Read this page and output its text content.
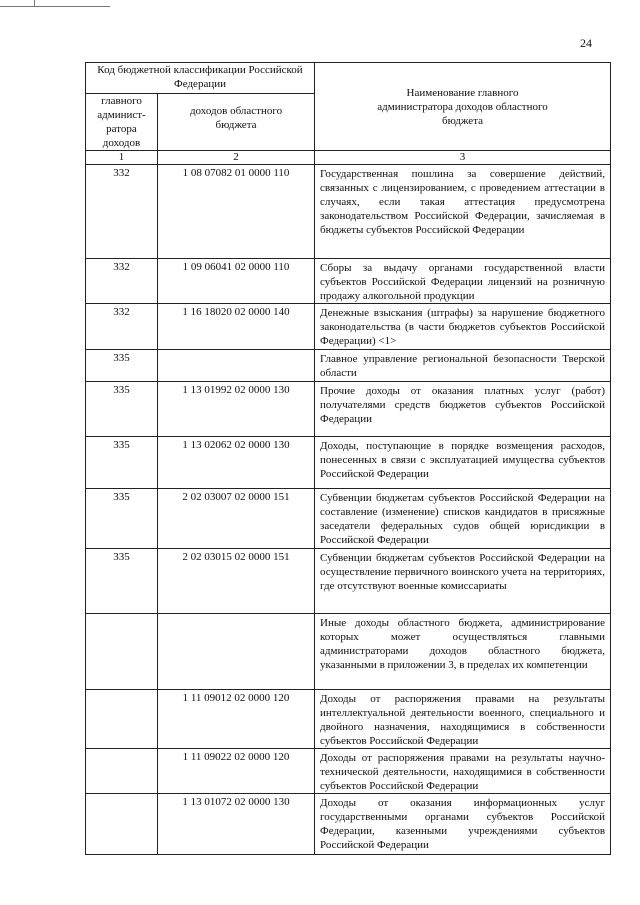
24
Код бюджетной классификации Российской Федерации		Наименование главного администратора доходов областного бюджета

главного админист-ратора доходов	доходов областного бюджета	

1	2	3
332	1 08 07082 01 0000 110	Государственная пошлина за совершение действий, связанных с лицензированием, с проведением аттестации в случаях, если такая аттестация предусмотрена законодательством Российской Федерации, зачисляемая в бюджеты субъектов Российской Федерации
332	1 09 06041 02 0000 110	Сборы за выдачу органами государственной власти субъектов Российской Федерации лицензий на розничную продажу алкогольной продукции
332	1 16 18020 02 0000 140	Денежные взыскания (штрафы) за нарушение бюджетного законодательства (в части бюджетов субъектов Российской Федерации) <1>
335		Главное управление региональной безопасности Тверской области
335	1 13 01992 02 0000 130	Прочие доходы от оказания платных услуг (работ) получателями средств бюджетов субъектов Российской Федерации
335	1 13 02062 02 0000 130	Доходы, поступающие в порядке возмещения расходов, понесенных в связи с эксплуатацией имущества субъектов Российской Федерации
335	2 02 03007 02 0000 151	Субвенции бюджетам субъектов Российской Федерации на составление (изменение) списков кандидатов в присяжные заседатели федеральных судов общей юрисдикции в Российской Федерации
335	2 02 03015 02 0000 151	Субвенции бюджетам субъектов Российской Федерации на осуществление первичного воинского учета на территориях, где отсутствуют военные комиссариаты
		Иные доходы областного бюджета, администрирование которых может осуществляться главными администраторами доходов областного бюджета, указанными в приложении 3, в пределах их компетенции
	1 11 09012 02 0000 120	Доходы от распоряжения правами на результаты интеллектуальной деятельности военного, специального и двойного назначения, находящимися в собственности субъектов Российской Федерации
	1 11 09022 02 0000 120	Доходы от распоряжения правами на результаты научно-технической деятельности, находящимися в собственности субъектов Российской Федерации
	1 13 01072 02 0000 130	Доходы от оказания информационных услуг государственными органами субъектов Российской Федерации, казенными учреждениями субъектов Российской Федерации
